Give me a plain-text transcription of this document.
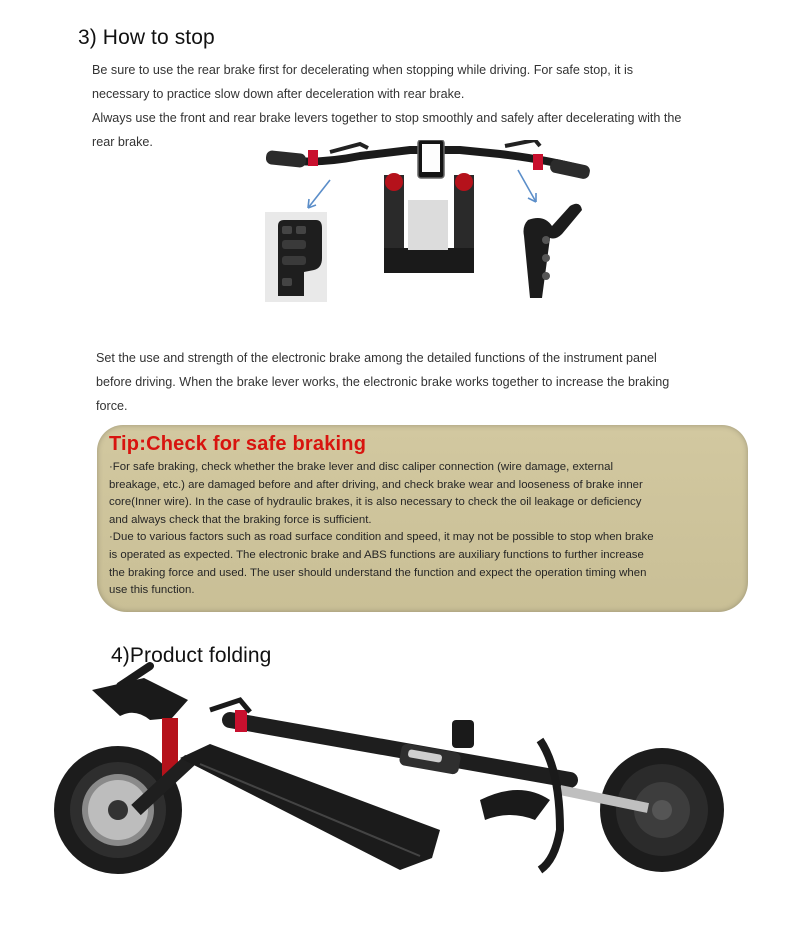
3) How to stop

Be sure to use the rear brake first for decelerating when stopping while driving. For safe stop, it is
necessary to practice slow down after deceleration with rear brake.
Always use the front and rear brake levers together to stop smoothly and safely after decelerating with the
rear brake.

Set the use and strength of the electronic brake among the detailed functions of the instrument panel
before driving. When the brake lever works, the electronic brake works together to increase the braking
force.

Tip:Check for safe braking

·For safe braking, check whether the brake lever and disc caliper connection (wire damage, external
breakage, etc.) are damaged before and after driving, and check brake wear and looseness of brake inner
core(Inner wire). In the case of hydraulic brakes, it is also necessary to check the oil leakage or deficiency
and always check that the braking force is sufficient.
·Due to various factors such as road surface condition and speed, it may not be possible to stop when brake
is operated as expected. The electronic brake and ABS functions are auxiliary functions to further increase
the braking force and used. The user should understand the function and expect the operation timing when
use this function.

4)Product folding
